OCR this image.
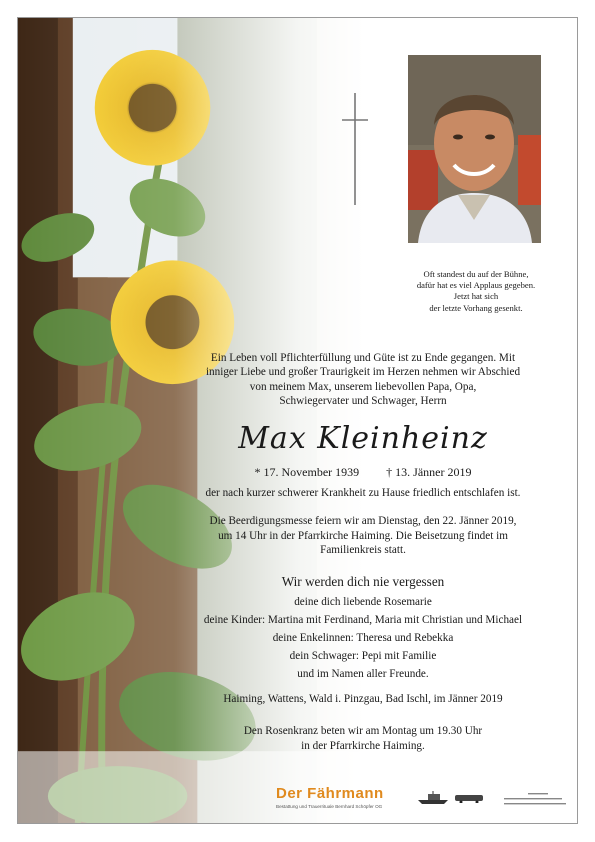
Oft standest du auf der Bühne,
dafür hat es viel Applaus gegeben.
Jetzt hat sich
der letzte Vorhang gesenkt.
Ein Leben voll Pflichterfüllung und Güte ist zu Ende gegangen. Mit
inniger Liebe und großer Traurigkeit im Herzen nehmen wir Abschied
von meinem Max, unserem liebevollen Papa, Opa,
Schwiegervater und Schwager, Herrn
Max Kleinheinz
* 17. November 1939 † 13. Jänner 2019
der nach kurzer schwerer Krankheit zu Hause friedlich entschlafen ist.
Die Beerdigungsmesse feiern wir am Dienstag, den 22. Jänner 2019,
um 14 Uhr in der Pfarrkirche Haiming. Die Beisetzung findet im
Familienkreis statt.
Wir werden dich nie vergessen
deine dich liebende Rosemarie
deine Kinder: Martina mit Ferdinand, Maria mit Christian und Michael
deine Enkelinnen: Theresa und Rebekka
dein Schwager: Pepi mit Familie
und im Namen aller Freunde.
Haiming, Wattens, Wald i. Pinzgau, Bad Ischl, im Jänner 2019
Den Rosenkranz beten wir am Montag um 19.30 Uhr
in der Pfarrkirche Haiming.
Der Fährmann
Bestattung und Trauerrituale Bernhard Schöpfer OG
